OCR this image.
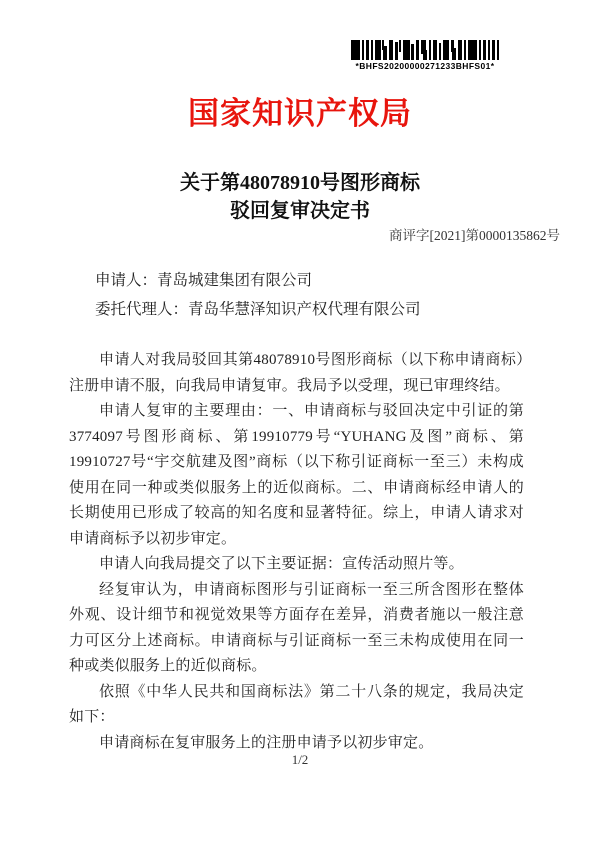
*BHFS20200000271233BHFS01*
国家知识产权局
关于第48078910号图形商标
驳回复审决定书
商评字[2021]第0000135862号

申请人：青岛城建集团有限公司

委托代理人：青岛华慧泽知识产权代理有限公司

申请人对我局驳回其第48078910号图形商标（以下称申请商标）注册申请不服，向我局申请复审。我局予以受理，现已审理终结。

申请人复审的主要理由：一、申请商标与驳回决定中引证的第3774097号图形商标、第19910779号“YUHANG及图”商标、第19910727号“宇交航建及图”商标（以下称引证商标一至三）未构成使用在同一种或类似服务上的近似商标。二、申请商标经申请人的长期使用已形成了较高的知名度和显著特征。综上，申请人请求对申请商标予以初步审定。

申请人向我局提交了以下主要证据：宣传活动照片等。

经复审认为，申请商标图形与引证商标一至三所含图形在整体外观、设计细节和视觉效果等方面存在差异，消费者施以一般注意力可区分上述商标。申请商标与引证商标一至三未构成使用在同一种或类似服务上的近似商标。

依照《中华人民共和国商标法》第二十八条的规定，我局决定如下：

申请商标在复审服务上的注册申请予以初步审定。

1/2
